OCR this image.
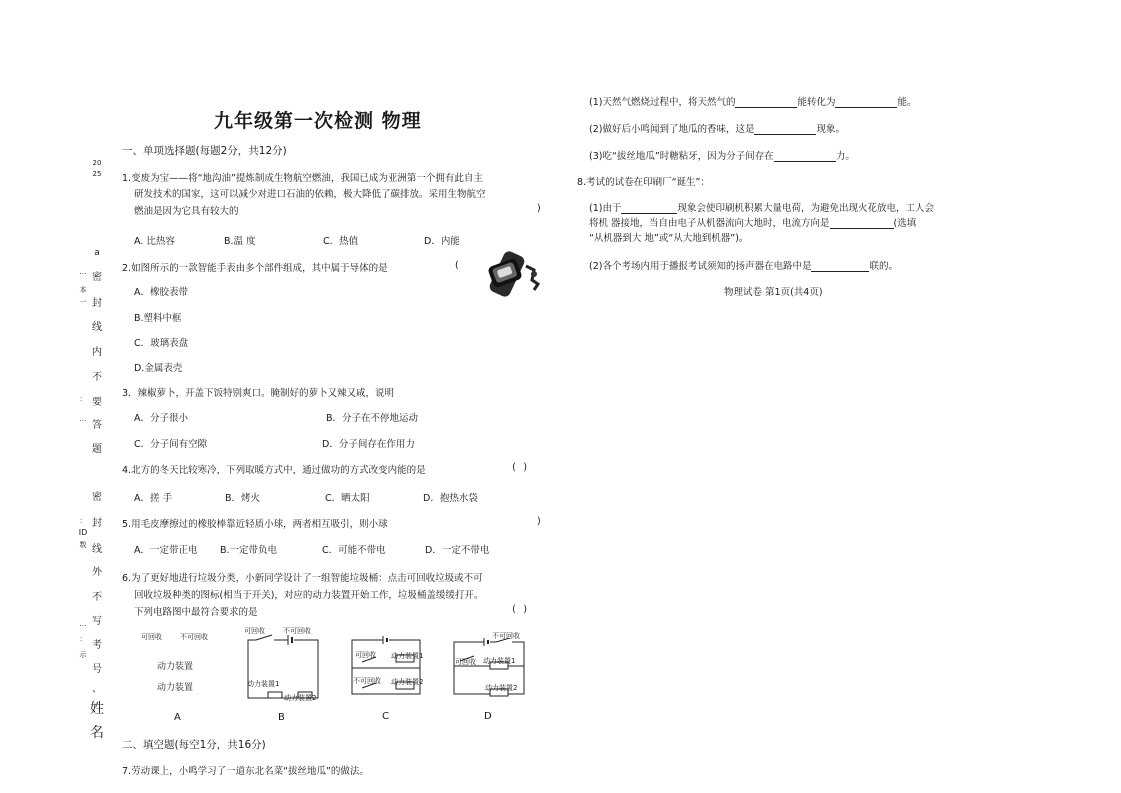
2025
a
… 密
本
一 封
线
内
不
： 要
…
答
题
密
： 封
ID
数 线
外
不
… 写
：
考
示
号
、
姓
名
九年级第一次检测 物理
一、单项选择题(每题2分，共12分)
1.变废为宝——将“地沟油”提炼制成生物航空燃油，我国已成为亚洲第一个拥有此自主
研发技术的国家，这可以减少对进口石油的依赖，极大降低了碳排放。采用生物航空
燃油是因为它具有较大的	)
A. 比热容	B.温 度	C．热值	D．内能
2.如图所示的一款智能手表由多个部件组成，其中属于导体的是	(
A．橡胶表带
B.塑料中框
C．玻璃表盘
D.金属表壳
3．辣椒萝卜，开盖下饭特别爽口。腌制好的萝卜又辣又咸，说明
A．分子很小	B．分子在不停地运动
C．分子间有空隙	D．分子间存在作用力
4.北方的冬天比较寒冷，下列取暖方式中，通过做功的方式改变内能的是	( )
A．搓 手	B．烤火	C．晒太阳	D．抱热水袋
5.用毛皮摩擦过的橡胶棒靠近轻质小球，两者相互吸引，则小球	)
A．一定带正电 B.一定带负电	C．可能不带电	D．一定不带电
6.为了更好地进行垃圾分类，小新同学设计了一组智能垃圾桶：点击可回收垃圾或不可
回收垃圾种类的图标(相当于开关)，对应的动力装置开始工作，垃圾桶盖缓缓打开。
下列电路图中最符合要求的是	( )
可回收	不可回收
动力装置
动力装置
A
可回收	不可回收
动力装置1
动力装置2
B
可回收 动力装置1
不可回收 动力装置2
C
不可回收
可回收 动力装置1
动力装置2
D
二、填空题(每空1分，共16分)
7.劳动课上，小鸣学习了一道东北名菜“拔丝地瓜”的做法。
(1)天然气燃烧过程中，将天然气的	能转化为	能。
(2)做好后小鸣闻到了地瓜的香味，这是	现象。
(3)吃“拔丝地瓜”时糖粘牙，因为分子间存在	力。
8.考试的试卷在印刷厂“诞生”：
(1)由于	现象会使印刷机积累大量电荷，为避免出现火花放电，工人会
将机 器接地，当自由电子从机器流向大地时，电流方向是	(选填
“从机器到大 地”或“从大地到机器”)。
(2)各个考场内用于播报考试须知的扬声器在电路中是	联的。
物理试卷 第1页(共4页)
